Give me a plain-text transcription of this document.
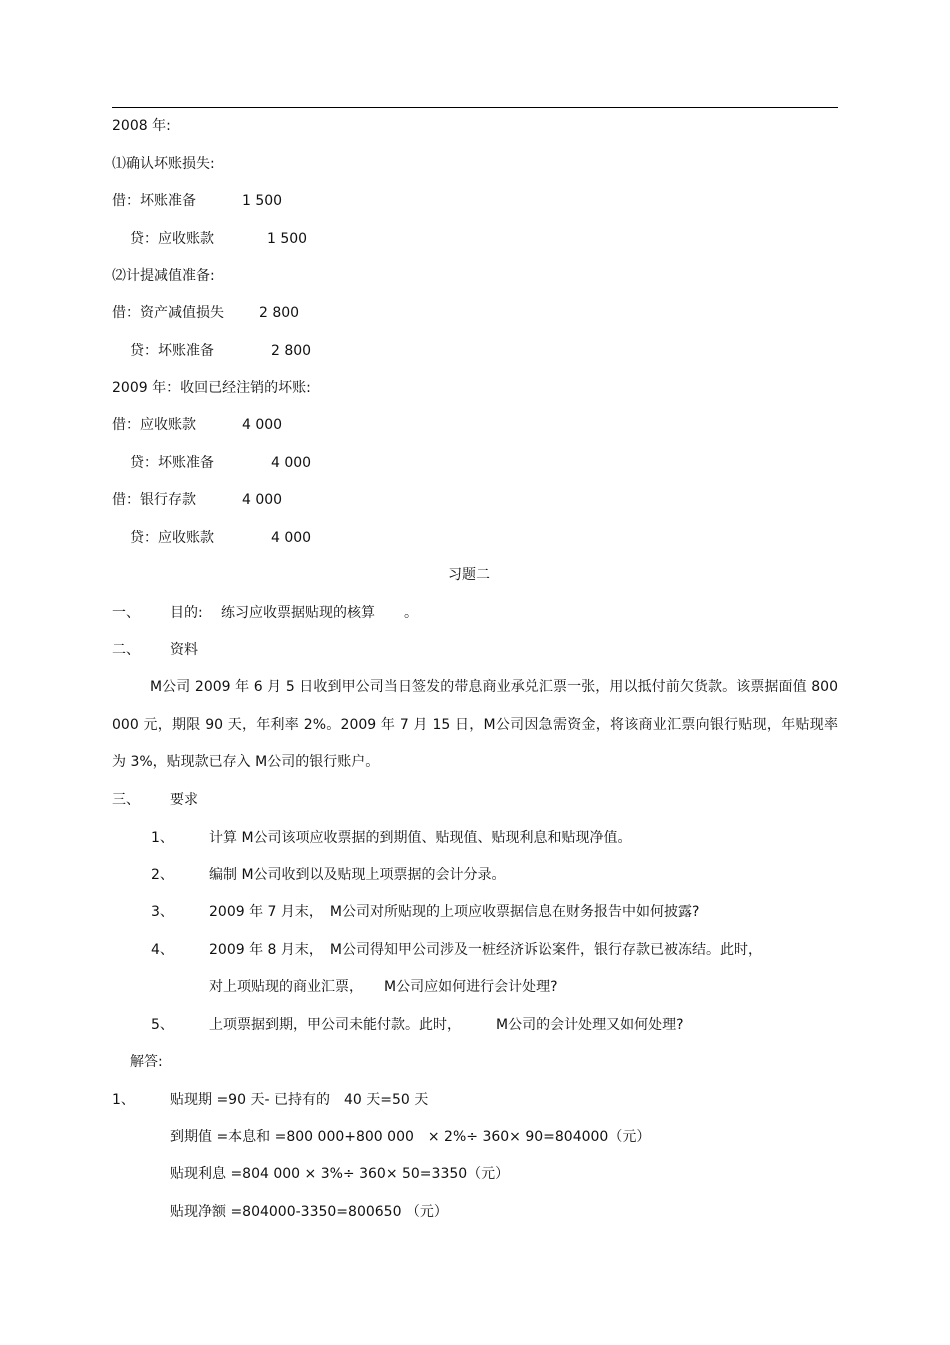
2008 年:
⑴确认坏账损失:
借：坏账准备	1 500
贷：应收账款	1 500
⑵计提减值准备:
借：资产减值损失	2 800
贷：坏账准备	2 800
2009 年：收回已经注销的坏账:
借：应收账款	4 000
贷：坏账准备	4 000
借：银行存款	4 000
贷：应收账款	4 000
习题二
一、 目的: 练习应收票据贴现的核算 。
二、 资料
M公司 2009 年 6 月 5 日收到甲公司当日签发的带息商业承兑汇票一张，用以抵付前欠货款。该票据面值 800 000 元，期限 90 天，年利率 2%。2009 年 7 月 15 日，M公司因急需资金，将该商业汇票向银行贴现，年贴现率为 3%，贴现款已存入 M公司的银行账户。
三、 要求
1、	计算 M公司该项应收票据的到期值、贴现值、贴现利息和贴现净值。
2、	编制 M公司收到以及贴现上项票据的会计分录。
3、	2009 年 7 月末，　M公司对所贴现的上项应收票据信息在财务报告中如何披露?
4、	2009 年 8 月末，　M公司得知甲公司涉及一桩经济诉讼案件，银行存款已被冻结。此时，
对上项贴现的商业汇票，　　M公司应如何进行会计处理?
5、	上项票据到期，甲公司未能付款。此时，　　　M公司的会计处理又如何处理?
解答:
1、	贴现期 =90 天- 已持有的　40 天=50 天
到期值 =本息和 =800 000+800 000　× 2%÷ 360× 90=804000（元）
贴现利息 =804 000 × 3%÷ 360× 50=3350（元）
贴现净额 =804000-3350=800650 （元）
